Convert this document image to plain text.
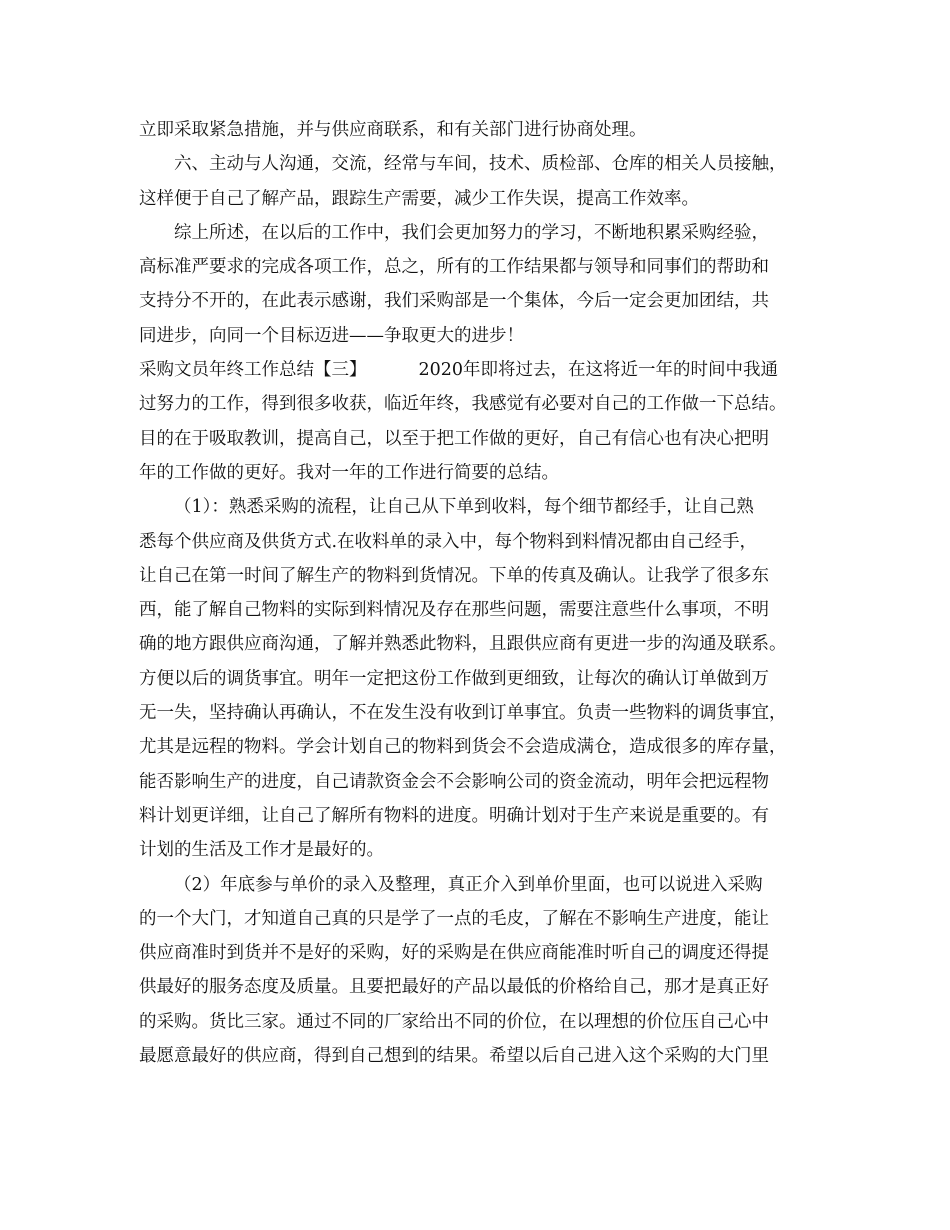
立即采取紧急措施，并与供应商联系，和有关部门进行协商处理。
六、主动与人沟通，交流，经常与车间，技术、质检部、仓库的相关人员接触，
这样便于自己了解产品，跟踪生产需要，减少工作失误，提高工作效率。
综上所述，在以后的工作中，我们会更加努力的学习，不断地积累采购经验，
高标准严要求的完成各项工作，总之，所有的工作结果都与领导和同事们的帮助和
支持分不开的，在此表示感谢，我们采购部是一个集体，今后一定会更加团结，共
同进步，向同一个目标迈进——争取更大的进步！
采购文员年终工作总结【三】	2020年即将过去，在这将近一年的时间中我通
过努力的工作，得到很多收获，临近年终，我感觉有必要对自己的工作做一下总结。
目的在于吸取教训，提高自己，以至于把工作做的更好，自己有信心也有决心把明
年的工作做的更好。我对一年的工作进行简要的总结。
（1）：熟悉采购的流程，让自己从下单到收料，每个细节都经手，让自己熟
悉每个供应商及供货方式.在收料单的录入中，每个物料到料情况都由自己经手，
让自己在第一时间了解生产的物料到货情况。下单的传真及确认。让我学了很多东
西，能了解自己物料的实际到料情况及存在那些问题，需要注意些什么事项，不明
确的地方跟供应商沟通，了解并熟悉此物料，且跟供应商有更进一步的沟通及联系。
方便以后的调货事宜。明年一定把这份工作做到更细致，让每次的确认订单做到万
无一失，坚持确认再确认，不在发生没有收到订单事宜。负责一些物料的调货事宜，
尤其是远程的物料。学会计划自己的物料到货会不会造成满仓，造成很多的库存量，
能否影响生产的进度，自己请款资金会不会影响公司的资金流动，明年会把远程物
料计划更详细，让自己了解所有物料的进度。明确计划对于生产来说是重要的。有
计划的生活及工作才是最好的。
（2）年底参与单价的录入及整理，真正介入到单价里面，也可以说进入采购
的一个大门，才知道自己真的只是学了一点的毛皮，了解在不影响生产进度，能让
供应商准时到货并不是好的采购，好的采购是在供应商能准时听自己的调度还得提
供最好的服务态度及质量。且要把最好的产品以最低的价格给自己，那才是真正好
的采购。货比三家。通过不同的厂家给出不同的价位，在以理想的价位压自己心中
最愿意最好的供应商，得到自己想到的结果。希望以后自己进入这个采购的大门里
